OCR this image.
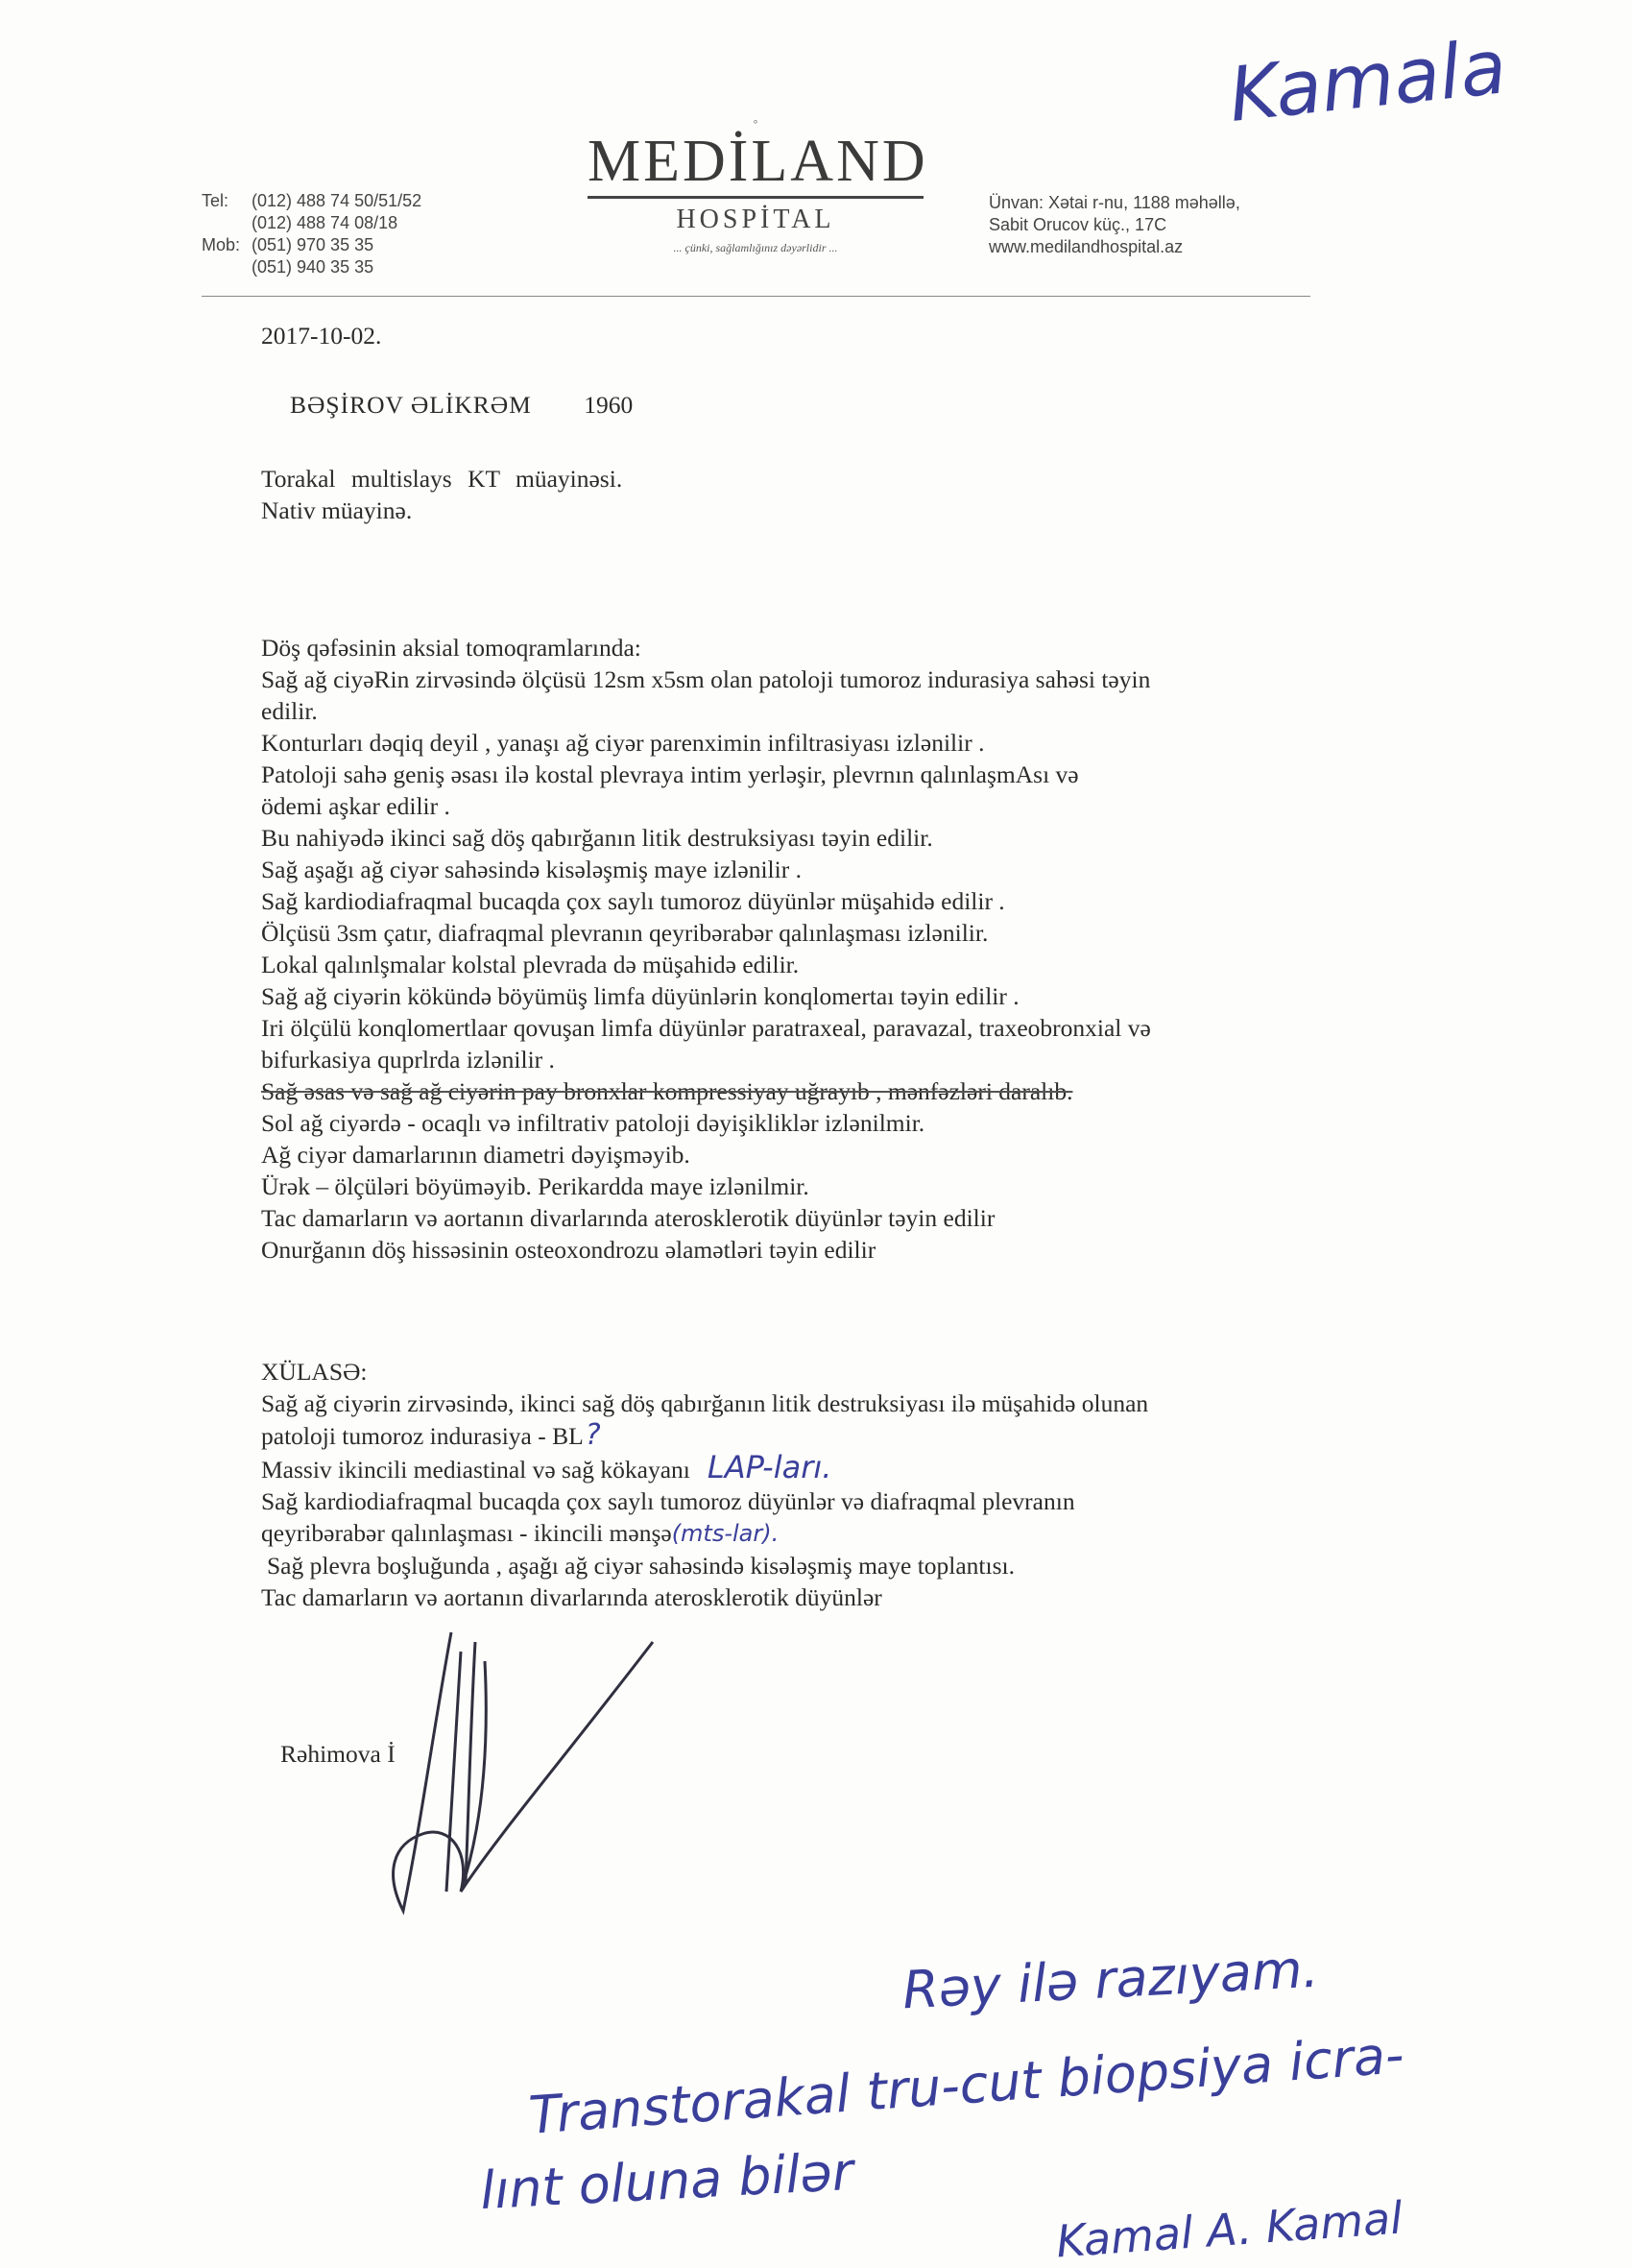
Tel: (012) 488 74 50/51/52
(012) 488 74 08/18
Mob: (051) 970 35 35
(051) 940 35 35
◦
MEDİLAND
HOSPİTAL
... çünki, sağlamlığınız dəyərlidir ...
Ünvan: Xətai r-nu, 1188 məhəllə,
Sabit Orucov küç., 17C
www.medilandhospital.az
Kamala
2017-10-02.
BƏŞİROV ƏLİKRƏM 1960
Torakal multislays KT müayinəsi.
Nativ müayinə.
Döş qəfəsinin aksial tomoqramlarında:
Sağ ağ ciyəRin zirvəsində ölçüsü 12sm x5sm olan patoloji tumoroz indurasiya sahəsi təyin
edilir.
Konturları dəqiq deyil , yanaşı ağ ciyər parenximin infiltrasiyası izlənilir .
Patoloji sahə geniş əsası ilə kostal plevraya intim yerləşir, plevrnın qalınlaşmAsı və
ödemi aşkar edilir .
Bu nahiyədə ikinci sağ döş qabırğanın litik destruksiyası təyin edilir.
Sağ aşağı ağ ciyər sahəsində kisələşmiş maye izlənilir .
Sağ kardiodiafraqmal bucaqda çox saylı tumoroz düyünlər müşahidə edilir .
Ölçüsü 3sm çatır, diafraqmal plevranın qeyribərabər qalınlaşması izlənilir.
Lokal qalınlşmalar kolstal plevrada də müşahidə edilir.
Sağ ağ ciyərin kökündə böyümüş limfa düyünlərin konqlomertaı təyin edilir .
Iri ölçülü konqlomertlaar qovuşan limfa düyünlər paratraxeal, paravazal, traxeobronxial və
bifurkasiya quprlrda izlənilir .
Sağ əsas və sağ ağ ciyərin pay bronxlar kompressiyay uğrayıb , mənfəzləri daralıb.
Sol ağ ciyərdə - ocaqlı və infiltrativ patoloji dəyişikliklər izlənilmir.
Ağ ciyər damarlarının diametri dəyişməyib.
Ürək – ölçüləri böyüməyib. Perikardda maye izlənilmir.
Tac damarların və aortanın divarlarında aterosklerotik düyünlər təyin edilir
Onurğanın döş hissəsinin osteoxondrozu əlamətləri təyin edilir
XÜLASƏ:
Sağ ağ ciyərin zirvəsində, ikinci sağ döş qabırğanın litik destruksiyası ilə müşahidə olunan
patoloji tumoroz indurasiya - BL?
Massiv ikincili mediastinal və sağ kökayanı LAP-ları.
Sağ kardiodiafraqmal bucaqda çox saylı tumoroz düyünlər və diafraqmal plevranın
qeyribərabər qalınlaşması - ikincili mənşə(mts-lar).
Sağ plevra boşluğunda , aşağı ağ ciyər sahəsində kisələşmiş maye toplantısı.
Tac damarların və aortanın divarlarında aterosklerotik düyünlər
Rəhimova İ
Rəy ilə razıyam.
Transtorakal tru-cut biopsiya icra-
lınt oluna bilər
Kamal A. Kamal
